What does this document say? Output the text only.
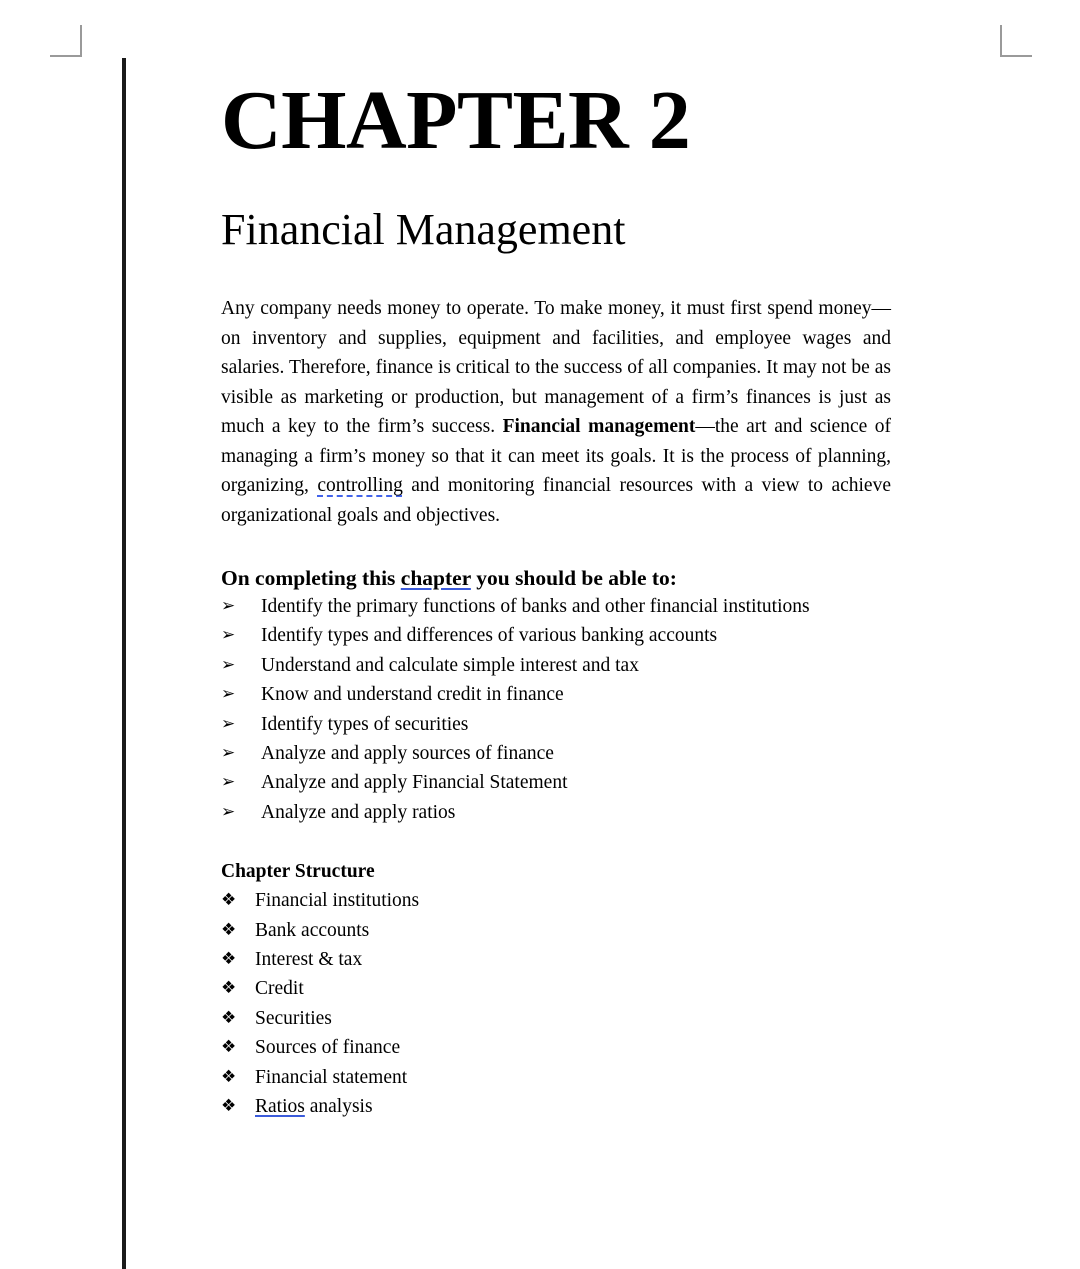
CHAPTER 2
Financial Management

Any company needs money to operate. To make money, it must first spend money—on inventory and supplies, equipment and facilities, and employee wages and salaries. Therefore, finance is critical to the success of all companies. It may not be as visible as marketing or production, but management of a firm’s finances is just as much a key to the firm’s success. Financial management—the art and science of managing a firm’s money so that it can meet its goals. It is the process of planning, organizing, controlling and monitoring financial resources with a view to achieve organizational goals and objectives.

On completing this chapter you should be able to:
➢ Identify the primary functions of banks and other financial institutions
➢ Identify types and differences of various banking accounts
➢ Understand and calculate simple interest and tax
➢ Know and understand credit in finance
➢ Identify types of securities
➢ Analyze and apply sources of finance
➢ Analyze and apply Financial Statement
➢ Analyze and apply ratios
Chapter Structure
❖ Financial institutions
❖ Bank accounts
❖ Interest & tax
❖ Credit
❖ Securities
❖ Sources of finance
❖ Financial statement
❖ Ratios analysis
